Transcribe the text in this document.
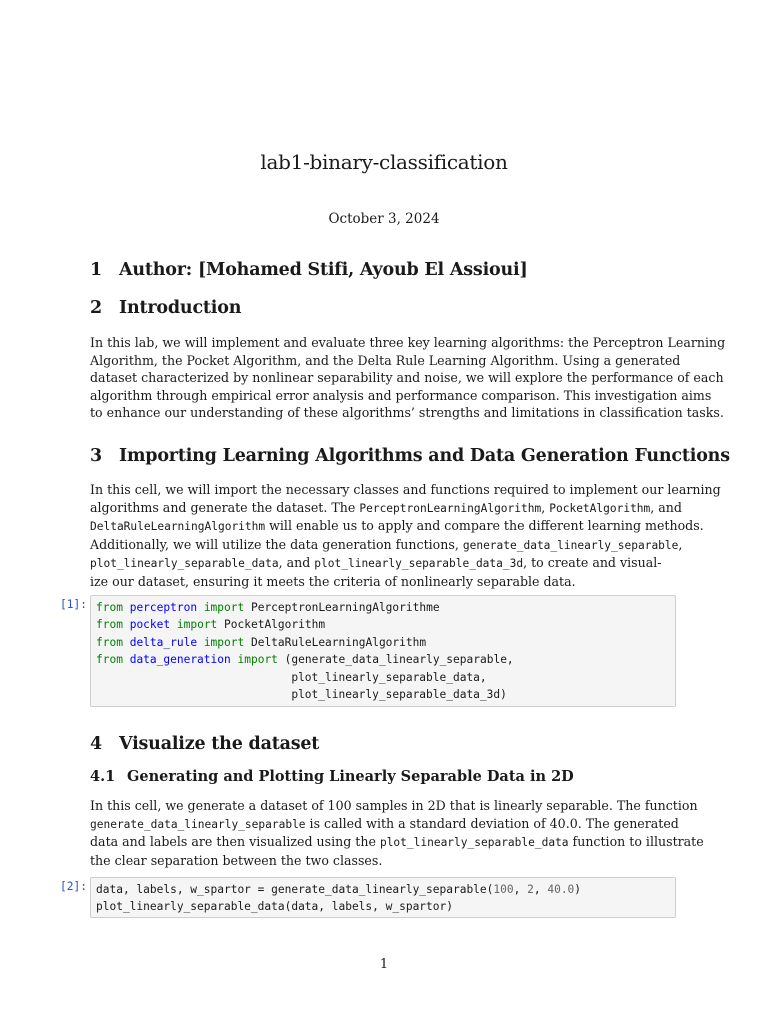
lab1-binary-classification
October 3, 2024
1 Author: [Mohamed Stifi, Ayoub El Assioui]
2 Introduction
In this lab, we will implement and evaluate three key learning algorithms: the Perceptron Learning
Algorithm, the Pocket Algorithm, and the Delta Rule Learning Algorithm. Using a generated
dataset characterized by nonlinear separability and noise, we will explore the performance of each
algorithm through empirical error analysis and performance comparison. This investigation aims
to enhance our understanding of these algorithms’ strengths and limitations in classification tasks.
3 Importing Learning Algorithms and Data Generation Functions
In this cell, we will import the necessary classes and functions required to implement our learning
algorithms and generate the dataset. The PerceptronLearningAlgorithm, PocketAlgorithm, and
DeltaRuleLearningAlgorithm will enable us to apply and compare the different learning methods.
Additionally, we will utilize the data generation functions, generate_data_linearly_separable,
plot_linearly_separable_data, and plot_linearly_separable_data_3d, to create and visual-
ize our dataset, ensuring it meets the criteria of nonlinearly separable data.
[1]: from perceptron import PerceptronLearningAlgorithme
from pocket import PocketAlgorithm
from delta_rule import DeltaRuleLearningAlgorithm
from data_generation import (generate_data_linearly_separable,
plot_linearly_separable_data,
plot_linearly_separable_data_3d)
4 Visualize the dataset
4.1 Generating and Plotting Linearly Separable Data in 2D
In this cell, we generate a dataset of 100 samples in 2D that is linearly separable. The function
generate_data_linearly_separable is called with a standard deviation of 40.0. The generated
data and labels are then visualized using the plot_linearly_separable_data function to illustrate
the clear separation between the two classes.
[2]: data, labels, w_spartor = generate_data_linearly_separable(100, 2, 40.0)
plot_linearly_separable_data(data, labels, w_spartor)
1
